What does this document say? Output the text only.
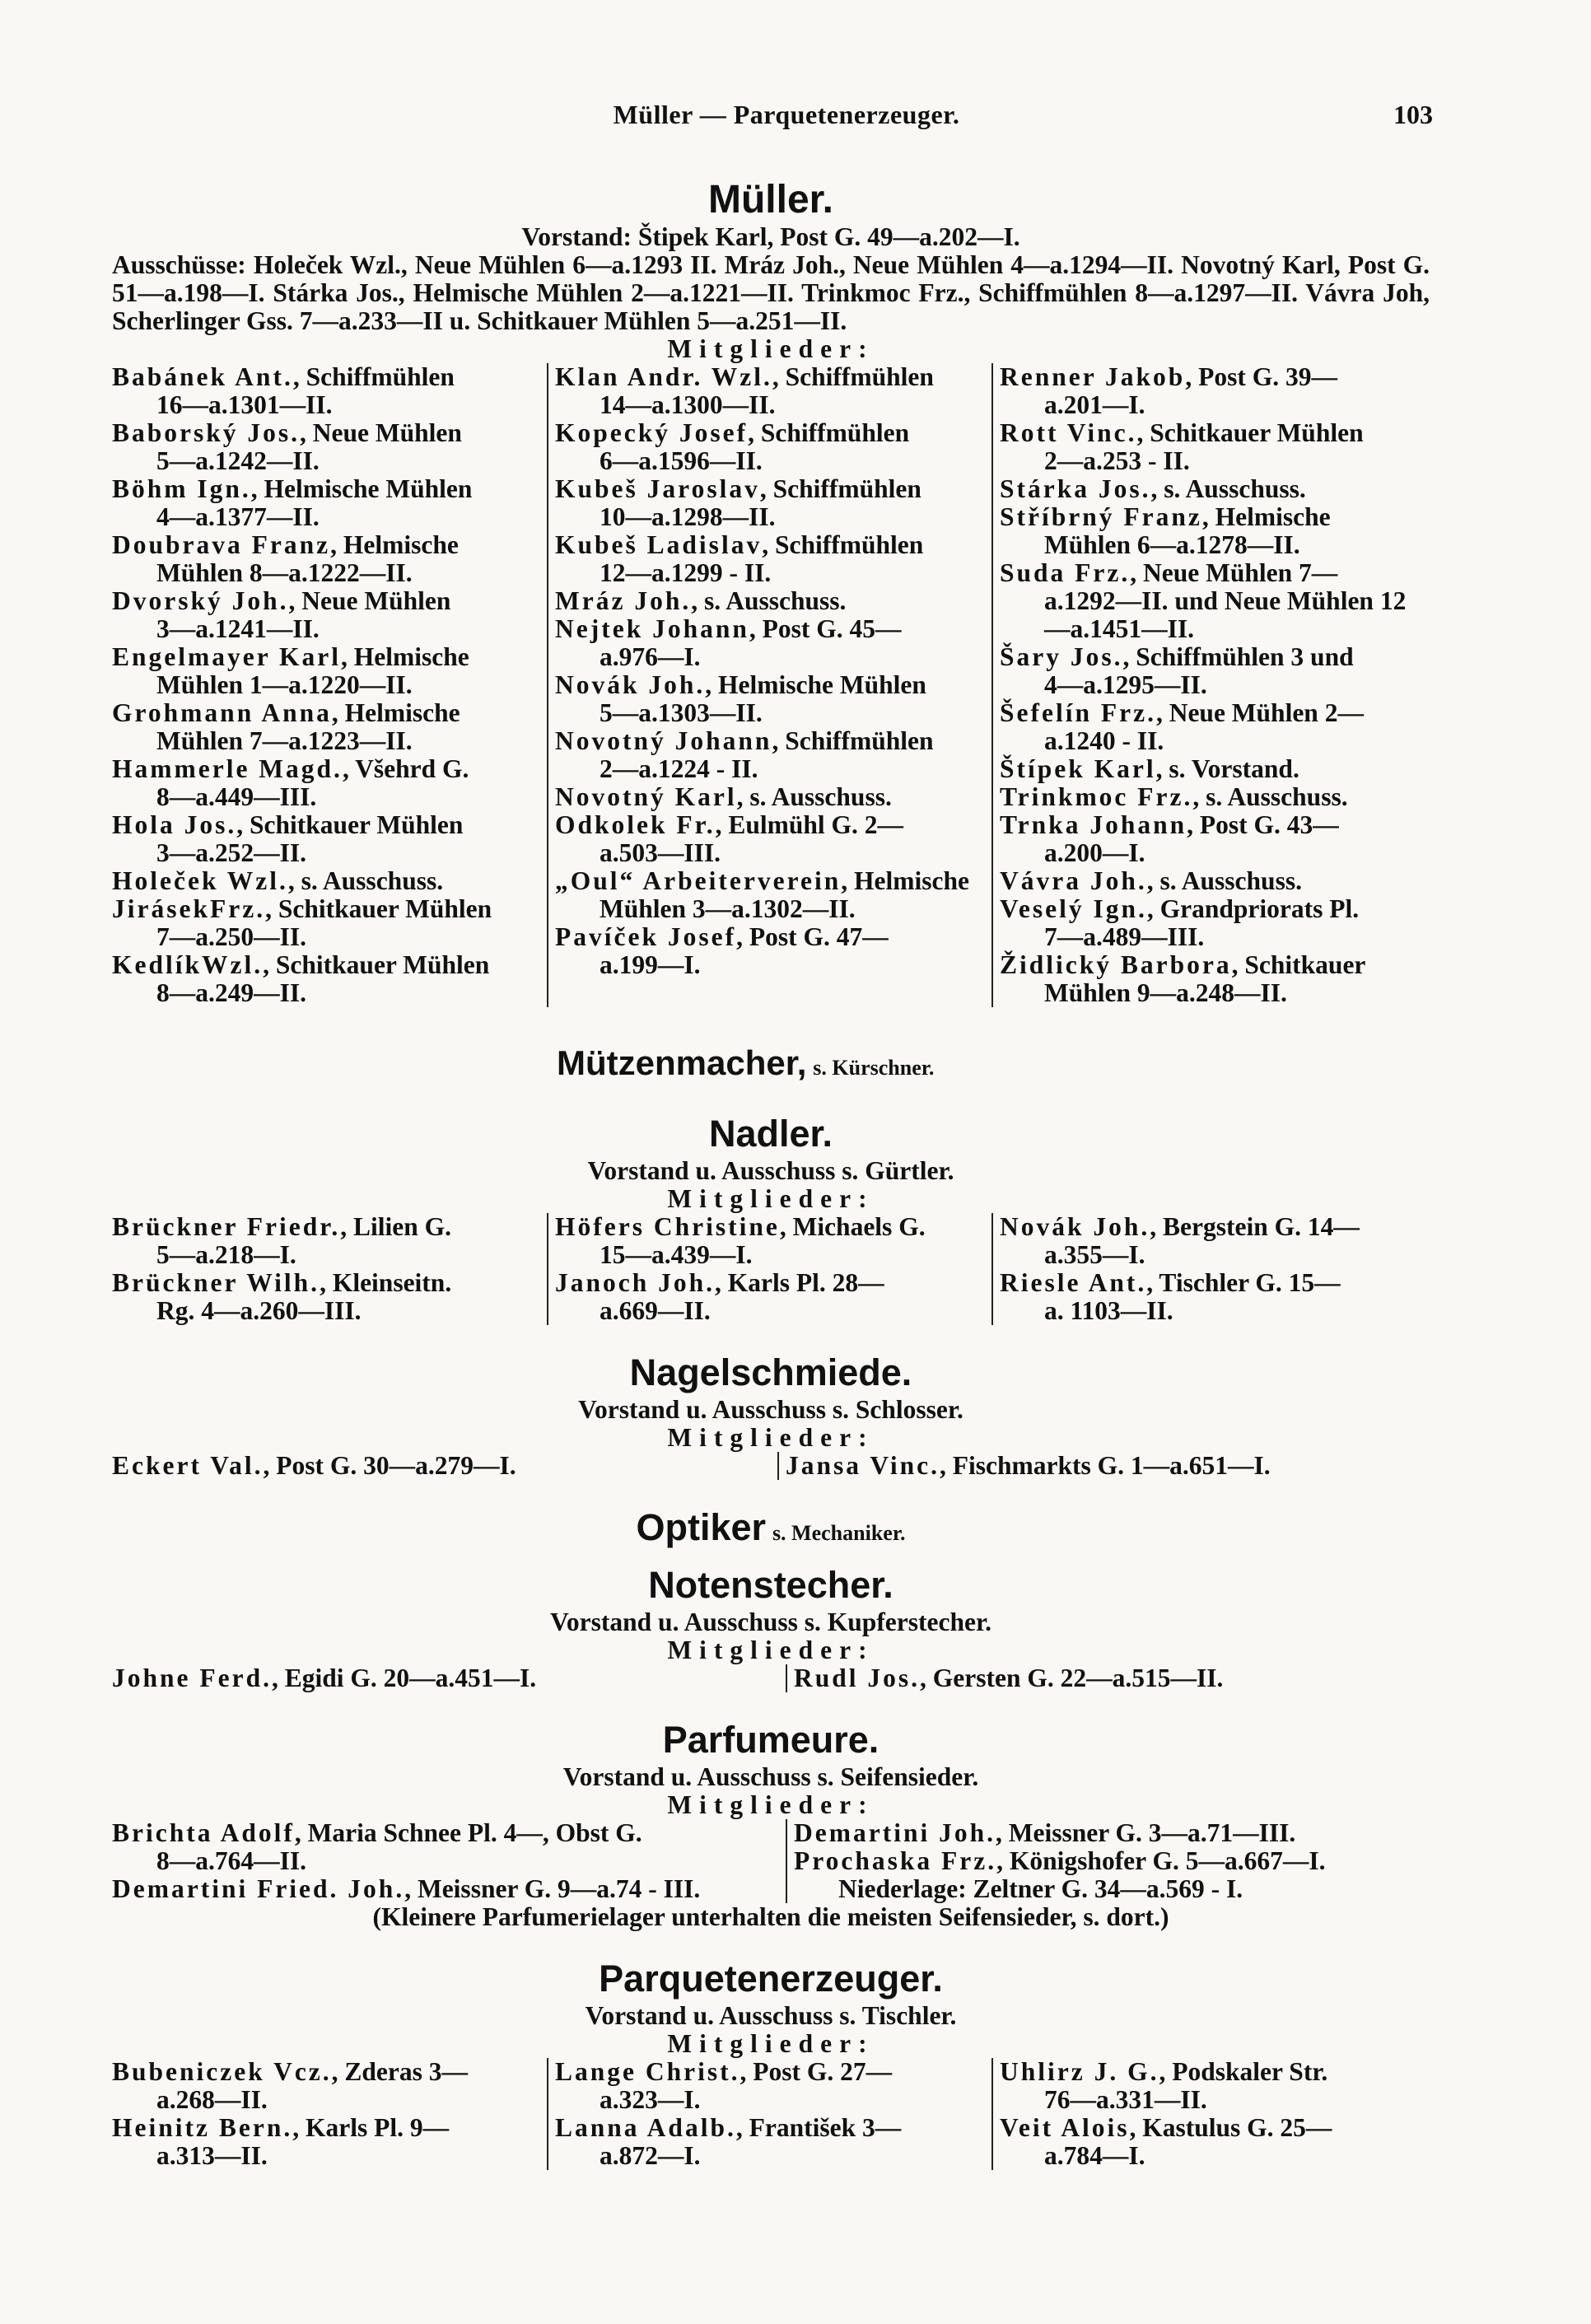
Müller — Parquetenerzeuger.	103
Müller.
Vorstand: Štipek Karl, Post G. 49—a.202—I.
Ausschüsse: Holeček Wzl., Neue Mühlen 6—a.1293 II. Mráz Joh., Neue Mühlen 4—a.1294—II. Novotný Karl, Post G. 51—a.198—I. Stárka Jos., Helmische Mühlen 2—a.1221—II. Trinkmoc Frz., Schiffmühlen 8—a.1297—II. Vávra Joh, Scherlinger Gss. 7—a.233—II u. Schitkauer Mühlen 5—a.251—II.
Mitglieder:
Babánek Ant., Schiffmühlen
16—a.1301—II.
Baborský Jos., Neue Mühlen
5—a.1242—II.
Böhm Ign., Helmische Mühlen
4—a.1377—II.
Doubrava Franz, Helmische
Mühlen 8—a.1222—II.
Dvorský Joh., Neue Mühlen
3—a.1241—II.
Engelmayer Karl, Helmische
Mühlen 1—a.1220—II.
Grohmann Anna, Helmische
Mühlen 7—a.1223—II.
Hammerle Magd., Všehrd G.
8—a.449—III.
Hola Jos., Schitkauer Mühlen
3—a.252—II.
Holeček Wzl., s. Ausschuss.
JirásekFrz., Schitkauer Mühlen
7—a.250—II.
KedlíkWzl., Schitkauer Mühlen
8—a.249—II.
Klan Andr. Wzl., Schiffmühlen
14—a.1300—II.
Kopecký Josef, Schiffmühlen
6—a.1596—II.
Kubeš Jaroslav, Schiffmühlen
10—a.1298—II.
Kubeš Ladislav, Schiffmühlen
12—a.1299 - II.
Mráz Joh., s. Ausschuss.
Nejtek Johann, Post G. 45—
a.976—I.
Novák Joh., Helmische Mühlen
5—a.1303—II.
Novotný Johann, Schiffmühlen
2—a.1224 - II.
Novotný Karl, s. Ausschuss.
Odkolek Fr., Eulmühl G. 2—
a.503—III.
„Oul“ Arbeiterverein, Helmische
Mühlen 3—a.1302—II.
Pavíček Josef, Post G. 47—
a.199—I.
Renner Jakob, Post G. 39—
a.201—I.
Rott Vinc., Schitkauer Mühlen
2—a.253 - II.
Stárka Jos., s. Ausschuss.
Stříbrný Franz, Helmische
Mühlen 6—a.1278—II.
Suda Frz., Neue Mühlen 7—
a.1292—II. und Neue Mühlen 12—a.1451—II.
Šary Jos., Schiffmühlen 3 und
4—a.1295—II.
Šefelín Frz., Neue Mühlen 2—
a.1240 - II.
Štípek Karl, s. Vorstand.
Trinkmoc Frz., s. Ausschuss.
Trnka Johann, Post G. 43—
a.200—I.
Vávra Joh., s. Ausschuss.
Veselý Ign., Grandpriorats Pl.
7—a.489—III.
Židlický Barbora, Schitkauer
Mühlen 9—a.248—II.
Mützenmacher, s. Kürschner.
Nadler.
Vorstand u. Ausschuss s. Gürtler.
Mitglieder:
Brückner Friedr., Lilien G.
5—a.218—I.
Brückner Wilh., Kleinseitn.
Rg. 4—a.260—III.
Höfers Christine, Michaels G.
15—a.439—I.
Janoch Joh., Karls Pl. 28—
a.669—II.
Novák Joh., Bergstein G. 14—
a.355—I.
Riesle Ant., Tischler G. 15—
a. 1103—II.
Nagelschmiede.
Vorstand u. Ausschuss s. Schlosser.
Mitglieder:
Eckert Val., Post G. 30—a.279—I.	Jansa Vinc., Fischmarkts G. 1—a.651—I.
Optiker s. Mechaniker.
Notenstecher.
Vorstand u. Ausschuss s. Kupferstecher.
Mitglieder:
Johne Ferd., Egidi G. 20—a.451—I.	Rudl Jos., Gersten G. 22—a.515—II.
Parfumeure.
Vorstand u. Ausschuss s. Seifensieder.
Mitglieder:
Brichta Adolf, Maria Schnee Pl. 4—, Obst G.
8—a.764—II.
Demartini Fried. Joh., Meissner G. 9—a.74 - III.
Demartini Joh., Meissner G. 3—a.71—III.
Prochaska Frz., Königshofer G. 5—a.667—I.
Niederlage: Zeltner G. 34—a.569 - I.
(Kleinere Parfumerielager unterhalten die meisten Seifensieder, s. dort.)
Parquetenerzeuger.
Vorstand u. Ausschuss s. Tischler.
Mitglieder:
Bubeniczek Vcz., Zderas 3—
a.268—II.
Heinitz Bern., Karls Pl. 9—
a.313—II.
Lange Christ., Post G. 27—
a.323—I.
Lanna Adalb., František 3—
a.872—I.
Uhlirz J. G., Podskaler Str.
76—a.331—II.
Veit Alois, Kastulus G. 25—
a.784—I.
